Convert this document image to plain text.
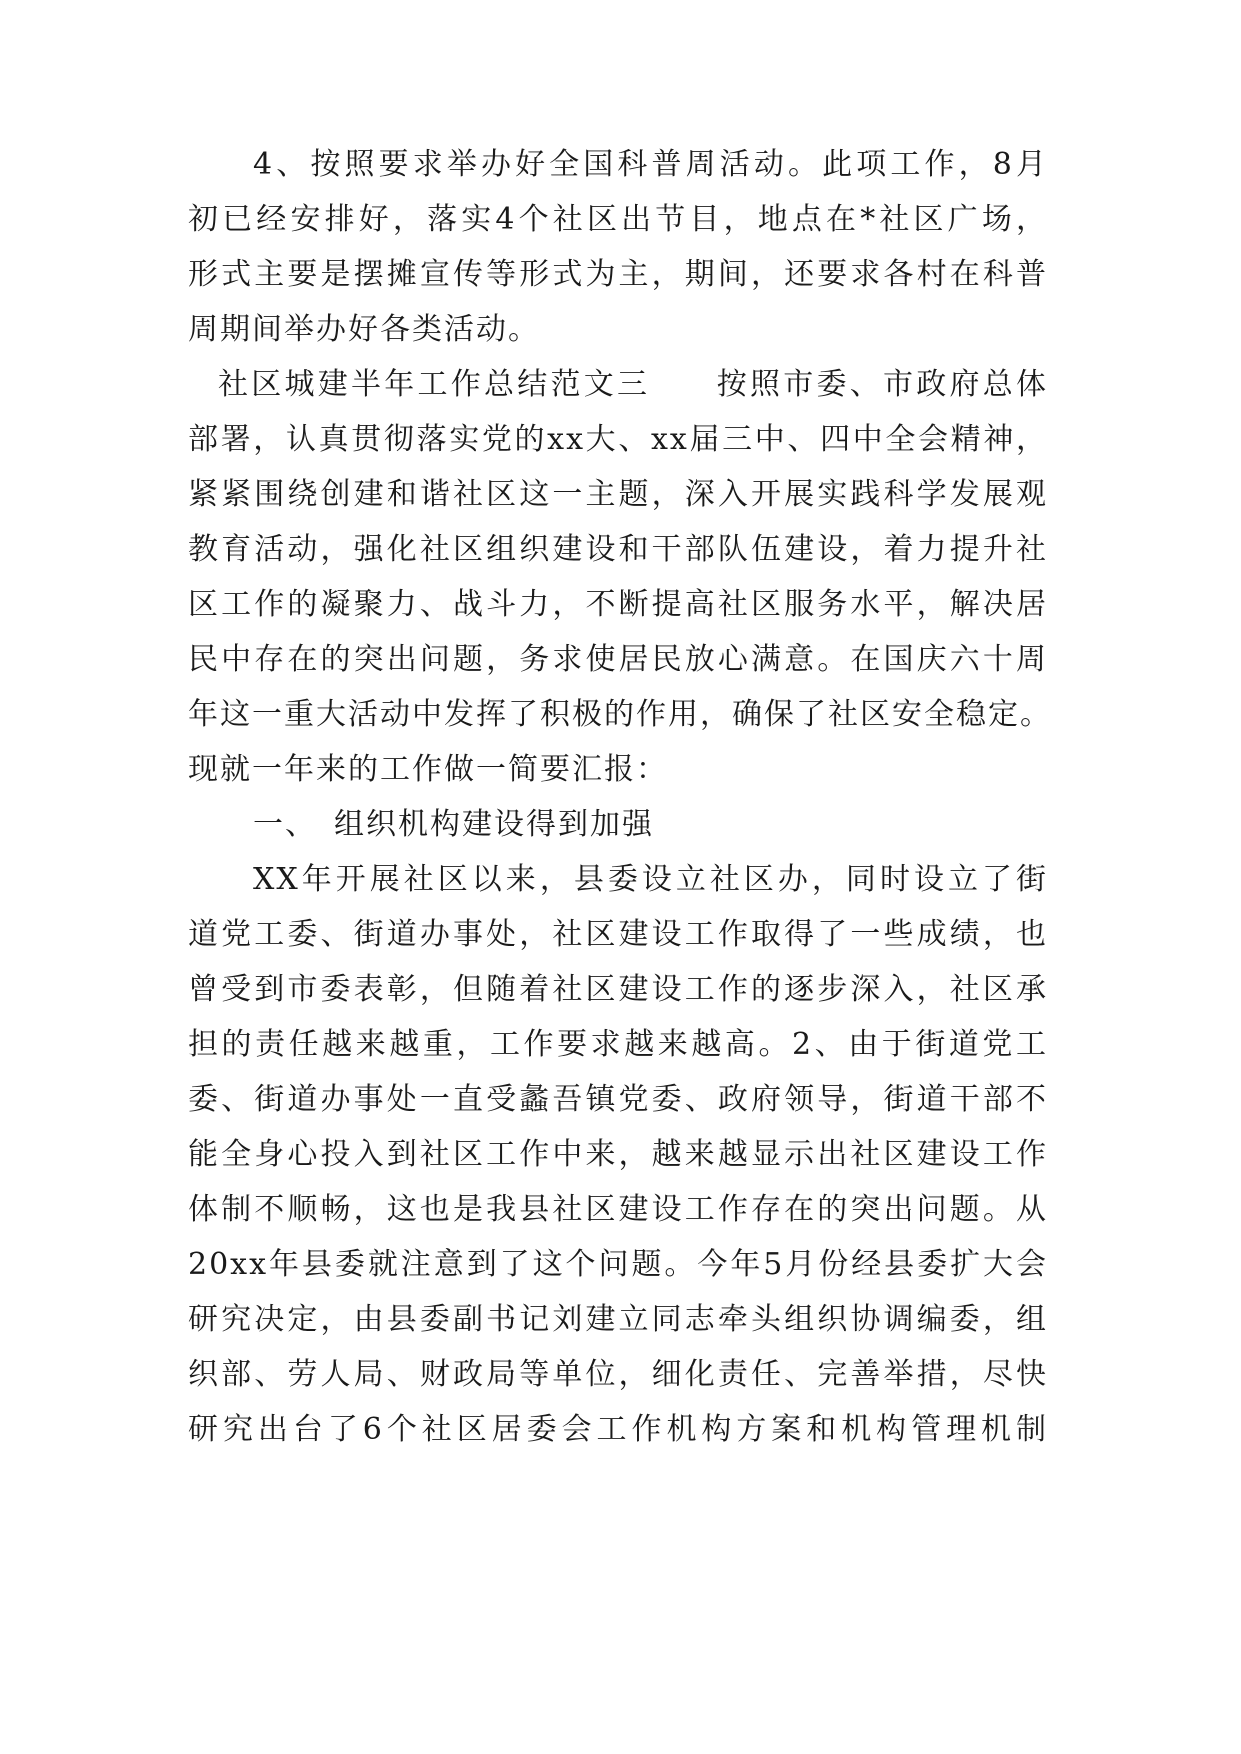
4、按照要求举办好全国科普周活动。此项工作，8月
初已经安排好，落实4个社区出节目，地点在*社区广场，
形式主要是摆摊宣传等形式为主，期间，还要求各村在科普
周期间举办好各类活动。
社区城建半年工作总结范文三　　按照市委、市政府总体
部署，认真贯彻落实党的xx大、xx届三中、四中全会精神，
紧紧围绕创建和谐社区这一主题，深入开展实践科学发展观
教育活动，强化社区组织建设和干部队伍建设，着力提升社
区工作的凝聚力、战斗力，不断提高社区服务水平，解决居
民中存在的突出问题，务求使居民放心满意。在国庆六十周
年这一重大活动中发挥了积极的作用，确保了社区安全稳定。
现就一年来的工作做一简要汇报：
一、　组织机构建设得到加强
XX年开展社区以来，县委设立社区办，同时设立了街
道党工委、街道办事处，社区建设工作取得了一些成绩，也
曾受到市委表彰，但随着社区建设工作的逐步深入，社区承
担的责任越来越重，工作要求越来越高。2、由于街道党工
委、街道办事处一直受蠡吾镇党委、政府领导，街道干部不
能全身心投入到社区工作中来，越来越显示出社区建设工作
体制不顺畅，这也是我县社区建设工作存在的突出问题。从
20xx年县委就注意到了这个问题。今年5月份经县委扩大会
研究决定，由县委副书记刘建立同志牵头组织协调编委，组
织部、劳人局、财政局等单位，细化责任、完善举措，尽快
研究出台了6个社区居委会工作机构方案和机构管理机制
